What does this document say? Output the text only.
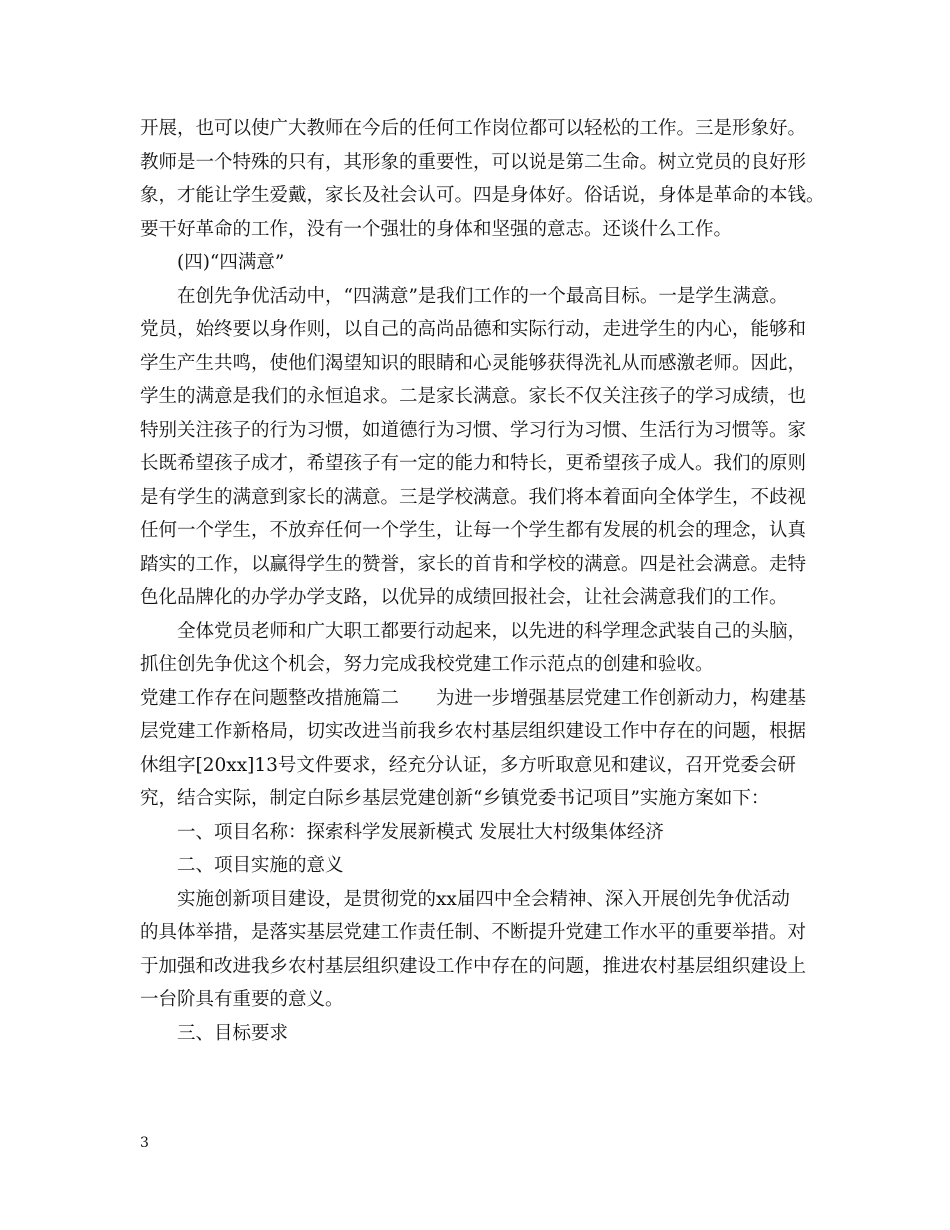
开展，也可以使广大教师在今后的任何工作岗位都可以轻松的工作。三是形象好。
教师是一个特殊的只有，其形象的重要性，可以说是第二生命。树立党员的良好形
象，才能让学生爱戴，家长及社会认可。四是身体好。俗话说，身体是革命的本钱。
要干好革命的工作，没有一个强壮的身体和坚强的意志。还谈什么工作。
(四)“四满意”
在创先争优活动中，“四满意”是我们工作的一个最高目标。一是学生满意。
党员，始终要以身作则，以自己的高尚品德和实际行动，走进学生的内心，能够和
学生产生共鸣，使他们渴望知识的眼睛和心灵能够获得洗礼从而感激老师。因此，
学生的满意是我们的永恒追求。二是家长满意。家长不仅关注孩子的学习成绩，也
特别关注孩子的行为习惯，如道德行为习惯、学习行为习惯、生活行为习惯等。家
长既希望孩子成才，希望孩子有一定的能力和特长，更希望孩子成人。我们的原则
是有学生的满意到家长的满意。三是学校满意。我们将本着面向全体学生，不歧视
任何一个学生，不放弃任何一个学生，让每一个学生都有发展的机会的理念，认真
踏实的工作，以赢得学生的赞誉，家长的首肯和学校的满意。四是社会满意。走特
色化品牌化的办学办学支路，以优异的成绩回报社会，让社会满意我们的工作。
全体党员老师和广大职工都要行动起来，以先进的科学理念武装自己的头脑，
抓住创先争优这个机会，努力完成我校党建工作示范点的创建和验收。
党建工作存在问题整改措施篇二　　为进一步增强基层党建工作创新动力，构建基
层党建工作新格局，切实改进当前我乡农村基层组织建设工作中存在的问题，根据
休组字[20xx]13号文件要求，经充分认证，多方听取意见和建议，召开党委会研
究，结合实际，制定白际乡基层党建创新“乡镇党委书记项目”实施方案如下：
一、项目名称：探索科学发展新模式 发展壮大村级集体经济
二、项目实施的意义
实施创新项目建设，是贯彻党的xx届四中全会精神、深入开展创先争优活动
的具体举措，是落实基层党建工作责任制、不断提升党建工作水平的重要举措。对
于加强和改进我乡农村基层组织建设工作中存在的问题，推进农村基层组织建设上
一台阶具有重要的意义。
三、目标要求
3
